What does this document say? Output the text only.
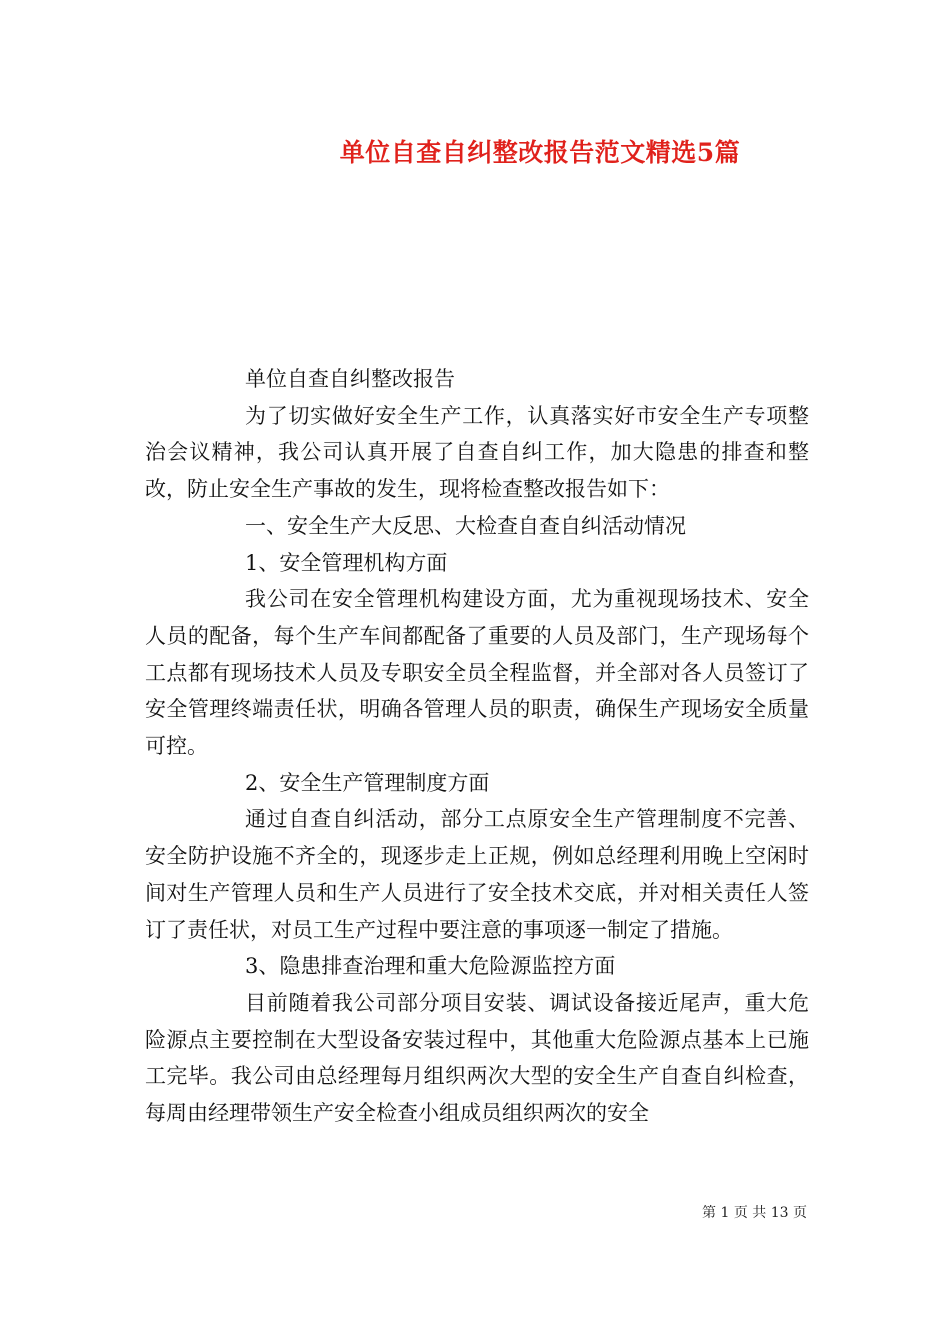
单位自查自纠整改报告范文精选5篇

单位自查自纠整改报告

为了切实做好安全生产工作，认真落实好市安全生产专项整治会议精神，我公司认真开展了自查自纠工作，加大隐患的排查和整改，防止安全生产事故的发生，现将检查整改报告如下：

一、安全生产大反思、大检查自查自纠活动情况

1、安全管理机构方面

我公司在安全管理机构建设方面，尤为重视现场技术、安全人员的配备，每个生产车间都配备了重要的人员及部门，生产现场每个工点都有现场技术人员及专职安全员全程监督，并全部对各人员签订了安全管理终端责任状，明确各管理人员的职责，确保生产现场安全质量可控。

2、安全生产管理制度方面

通过自查自纠活动，部分工点原安全生产管理制度不完善、安全防护设施不齐全的，现逐步走上正规，例如总经理利用晚上空闲时间对生产管理人员和生产人员进行了安全技术交底，并对相关责任人签订了责任状，对员工生产过程中要注意的事项逐一制定了措施。

3、隐患排查治理和重大危险源监控方面

目前随着我公司部分项目安装、调试设备接近尾声，重大危险源点主要控制在大型设备安装过程中，其他重大危险源点基本上已施工完毕。我公司由总经理每月组织两次大型的安全生产自查自纠检查，每周由经理带领生产安全检查小组成员组织两次的安全

第 1 页 共 13 页
